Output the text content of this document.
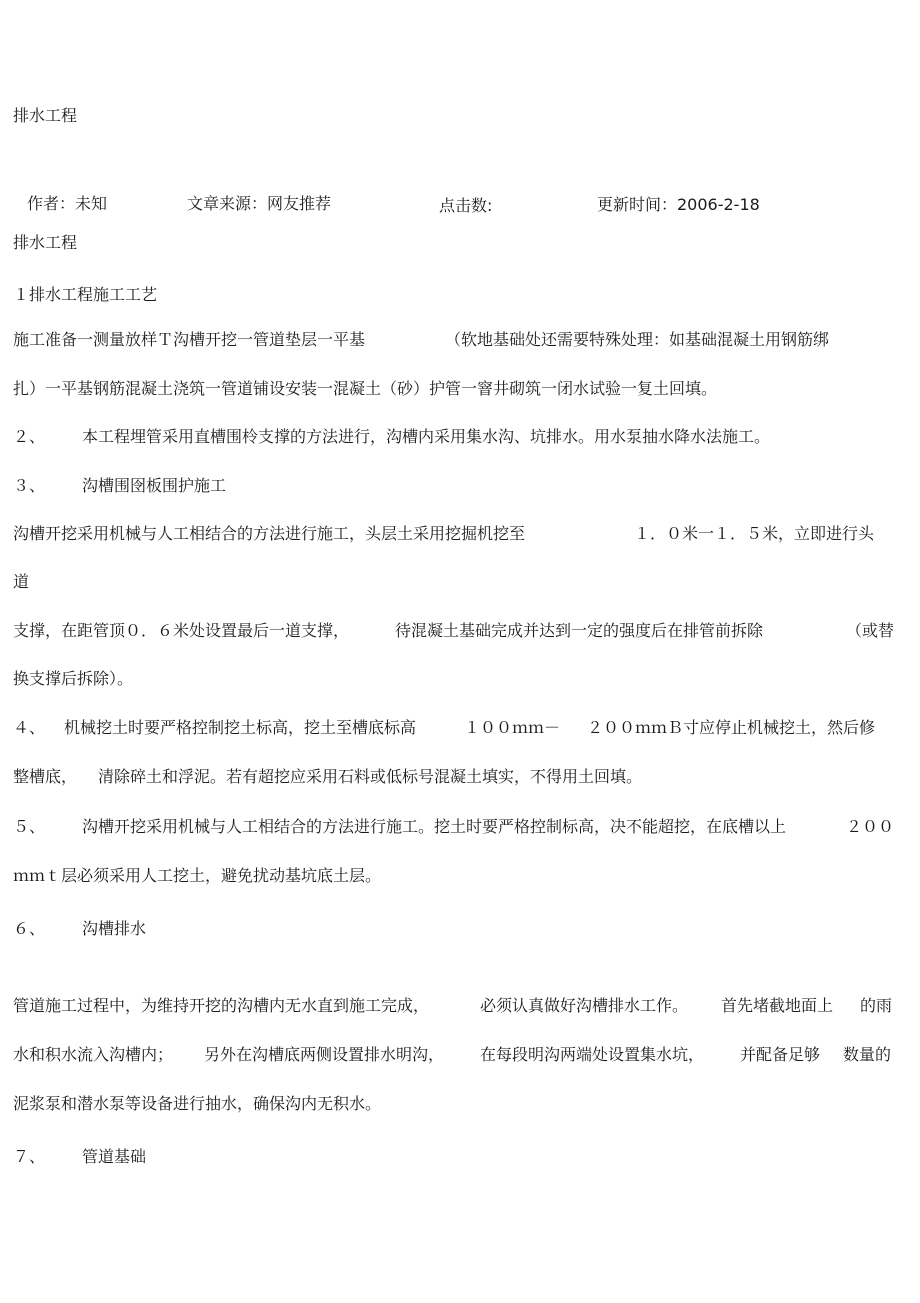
排水工程
作者：未知	文章来源：网友推荐	点击数:	更新时间：2006-2-18
排水工程
１排水工程施工工艺
施工准备一测量放样Ｔ沟槽开挖一管道垫层一平基	（软地基础处还需要特殊处理：如基础混凝土用钢筋绑
扎）一平基钢筋混凝土浇筑一管道铺设安装一混凝土（砂）护管一窨井砌筑一闭水试验一复土回填。
２、 本工程埋管采用直槽围柃支撑的方法进行，沟槽内采用集水沟、坑排水。用水泵抽水降水法施工。
３、 沟槽围囹板围护施工
沟槽开挖采用机械与人工相结合的方法进行施工，头层土采用挖掘机挖至	１．０米一１．５米，立即进行头
道
支撑，在距管顶０．６米处设置最后一道支撑，	待混凝土基础完成并达到一定的强度后在排管前拆除	（或替
换支撑后拆除）。
４、 机械挖土时要严格控制挖土标高，挖土至槽底标高	１００ｍｍ－ ２００ｍｍＢ寸应停止机械挖土，然后修
整槽底， 清除碎土和浮泥。若有超挖应采用石料或低标号混凝土填实，不得用土回填。
５、 沟槽开挖采用机械与人工相结合的方法进行施工。挖土时要严格控制标高，决不能超挖，在底槽以上	２００
ｍｍｔ层必须采用人工挖土，避免扰动基坑底土层。
６、 沟槽排水
管道施工过程中，为维持开挖的沟槽内无水直到施工完成，	必须认真做好沟槽排水工作。 首先堵截地面上 的雨
水和积水流入沟槽内； 另外在沟槽底两侧设置排水明沟， 在每段明沟两端处设置集水坑， 并配备足够 数量的
泥浆泵和潜水泵等设备进行抽水，确保沟内无积水。
７、 管道基础
